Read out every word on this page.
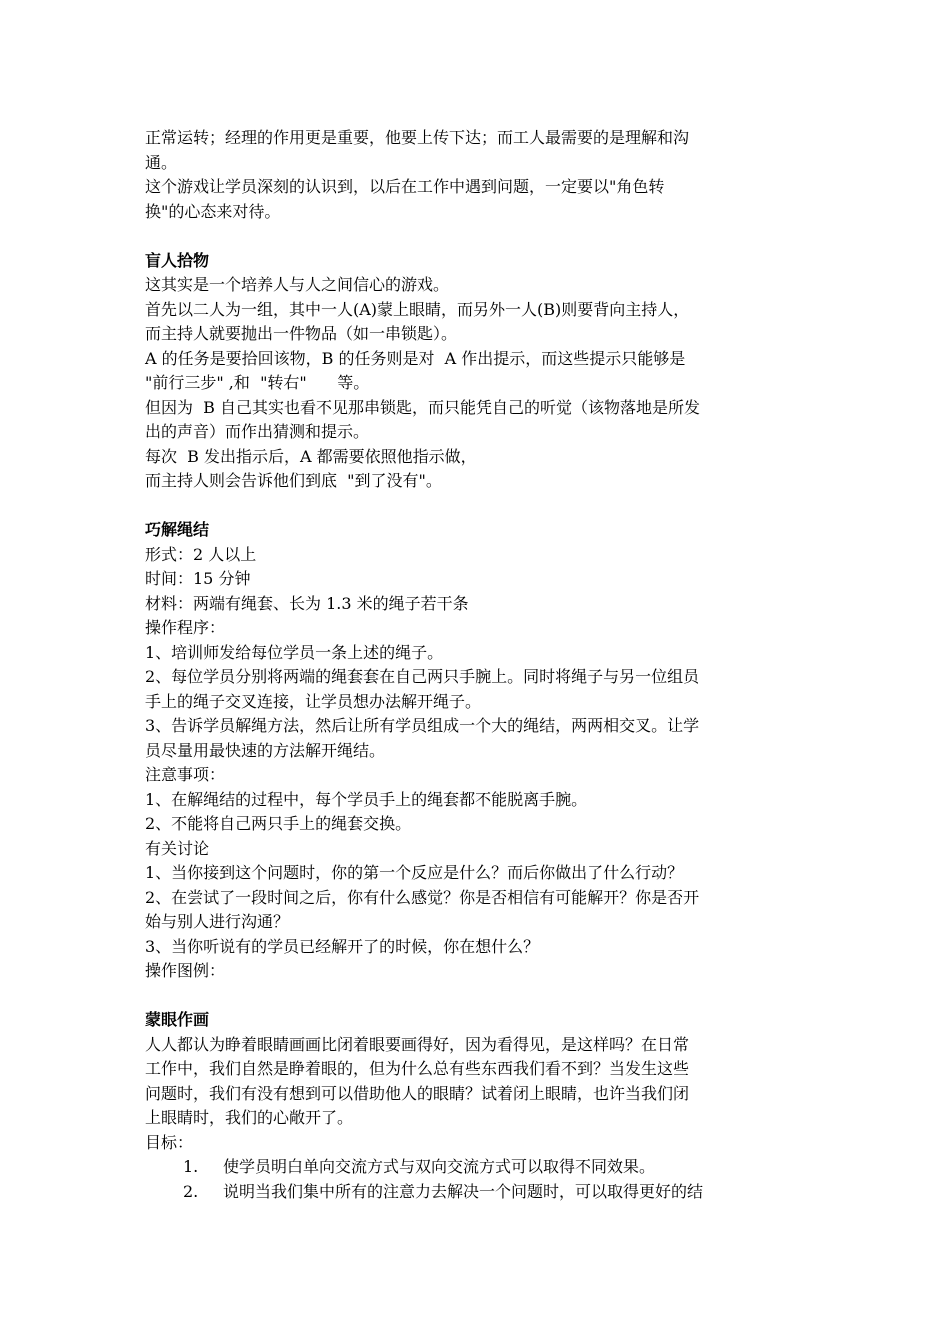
正常运转；经理的作用更是重要，他要上传下达；而工人最需要的是理解和沟
通。
这个游戏让学员深刻的认识到，以后在工作中遇到问题，一定要以"角色转
换"的心态来对待。
盲人拾物
这其实是一个培养人与人之间信心的游戏。
首先以二人为一组，其中一人(A)蒙上眼睛，而另外一人(B)则要背向主持人，
而主持人就要抛出一件物品（如一串锁匙）。
A 的任务是要拾回该物，B 的任务则是对  A 作出提示，而这些提示只能够是
"前行三步" ,和  "转右"      等。
但因为  B 自己其实也看不见那串锁匙，而只能凭自己的听觉（该物落地是所发
出的声音）而作出猜测和提示。
每次  B 发出指示后，A 都需要依照他指示做，
而主持人则会告诉他们到底  "到了没有"。
巧解绳结
形式：2 人以上
时间：15 分钟
材料：两端有绳套、长为 1.3 米的绳子若干条
操作程序：
1、培训师发给每位学员一条上述的绳子。
2、每位学员分别将两端的绳套套在自己两只手腕上。同时将绳子与另一位组员
手上的绳子交叉连接，让学员想办法解开绳子。
3、告诉学员解绳方法，然后让所有学员组成一个大的绳结，两两相交叉。让学
员尽量用最快速的方法解开绳结。
注意事项：
1、在解绳结的过程中，每个学员手上的绳套都不能脱离手腕。
2、不能将自己两只手上的绳套交换。
有关讨论
1、当你接到这个问题时，你的第一个反应是什么？而后你做出了什么行动？
2、在尝试了一段时间之后，你有什么感觉？你是否相信有可能解开？你是否开
始与别人进行沟通？
3、当你听说有的学员已经解开了的时候，你在想什么？
操作图例：
蒙眼作画
人人都认为睁着眼睛画画比闭着眼要画得好，因为看得见，是这样吗？在日常
工作中，我们自然是睁着眼的，但为什么总有些东西我们看不到？当发生这些
问题时，我们有没有想到可以借助他人的眼睛？试着闭上眼睛，也许当我们闭
上眼睛时，我们的心敞开了。
目标：
1. 使学员明白单向交流方式与双向交流方式可以取得不同效果。
2. 说明当我们集中所有的注意力去解决一个问题时，可以取得更好的结
